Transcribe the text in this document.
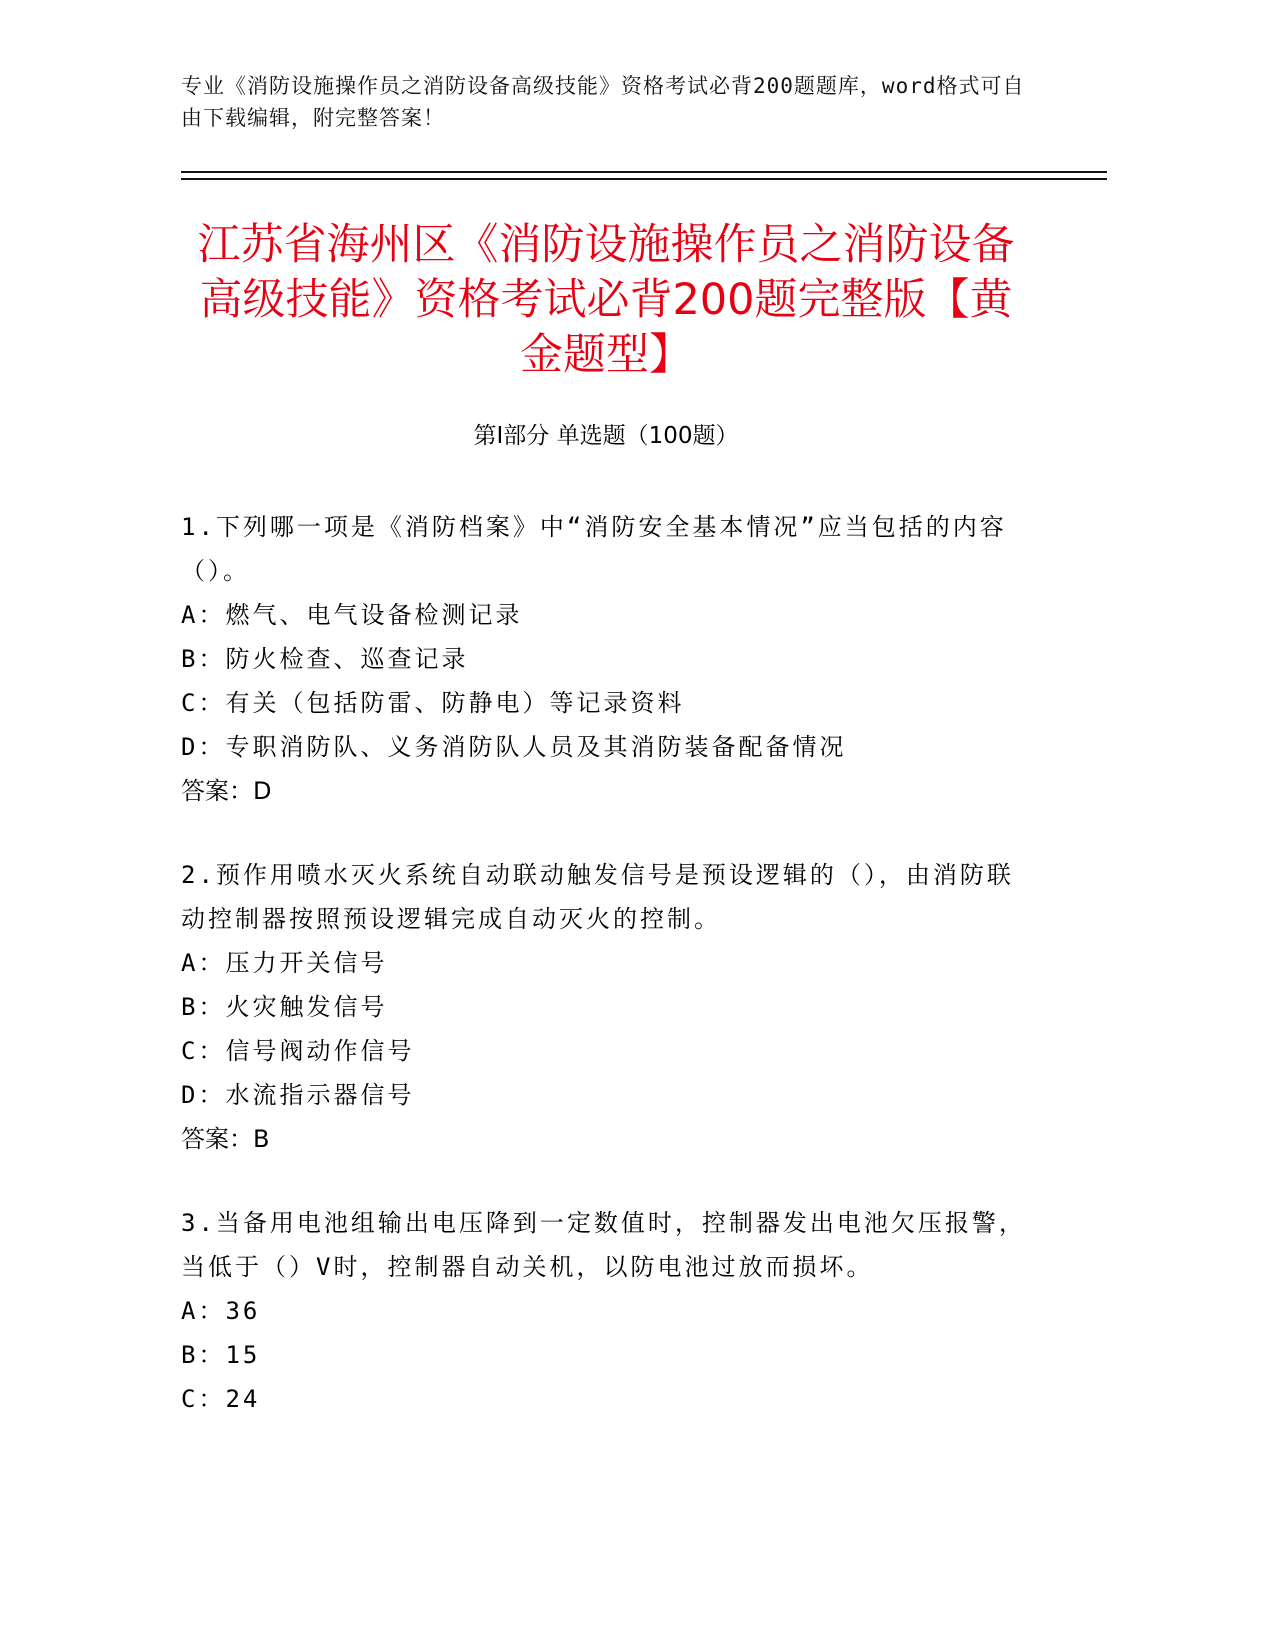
专业《消防设施操作员之消防设备高级技能》资格考试必背200题题库，word格式可自由下载编辑，附完整答案！
江苏省海州区《消防设施操作员之消防设备高级技能》资格考试必背200题完整版【黄金题型】
第Ⅰ部分 单选题（100题）

1.下列哪一项是《消防档案》中“消防安全基本情况”应当包括的内容（）。

A：燃气、电气设备检测记录

B：防火检查、巡查记录

C：有关（包括防雷、防静电）等记录资料

D：专职消防队、义务消防队人员及其消防装备配备情况

答案：D

2.预作用喷水灭火系统自动联动触发信号是预设逻辑的（），由消防联动控制器按照预设逻辑完成自动灭火的控制。

A：压力开关信号

B：火灾触发信号

C：信号阀动作信号

D：水流指示器信号

答案：B

3.当备用电池组输出电压降到一定数值时，控制器发出电池欠压报警，当低于（）V时，控制器自动关机，以防电池过放而损坏。

A：36

B：15

C：24
